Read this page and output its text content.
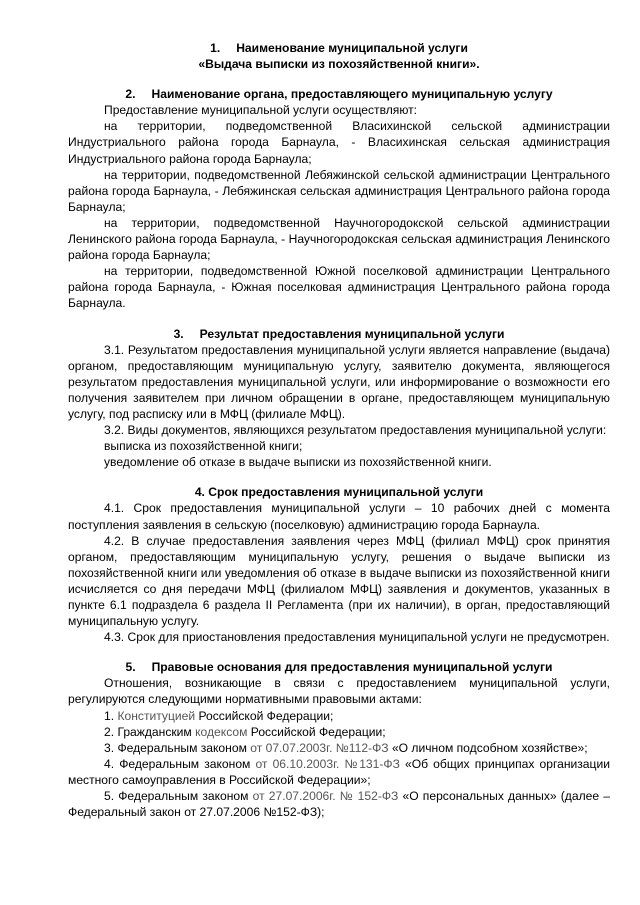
1. Наименование муниципальной услуги
«Выдача выписки из похозяйственной книги».
2. Наименование органа, предоставляющего муниципальную услугу
Предоставление муниципальной услуги осуществляют:
на территории, подведомственной Власихинской сельской администрации Индустриального района города Барнаула, - Власихинская сельская администрация Индустриального района города Барнаула;
на территории, подведомственной Лебяжинской сельской администрации Центрального района города Барнаула, - Лебяжинская сельская администрация Центрального района города Барнаула;
на территории, подведомственной Научногородокской сельской администрации Ленинского района города Барнаула, - Научногородокская сельская администрация Ленинского района города Барнаула;
на территории, подведомственной Южной поселковой администрации Центрального района города Барнаула, - Южная поселковая администрация Центрального района города Барнаула.
3. Результат предоставления муниципальной услуги
3.1. Результатом предоставления муниципальной услуги является направление (выдача) органом, предоставляющим муниципальную услугу, заявителю документа, являющегося результатом предоставления муниципальной услуги, или информирование о возможности его получения заявителем при личном обращении в органе, предоставляющем муниципальную услугу, под расписку или в МФЦ (филиале МФЦ).
3.2. Виды документов, являющихся результатом предоставления муниципальной услуги:
выписка из похозяйственной книги;
уведомление об отказе в выдаче выписки из похозяйственной книги.
4. Срок предоставления муниципальной услуги
4.1. Срок предоставления муниципальной услуги – 10 рабочих дней с момента поступления заявления в сельскую (поселковую) администрацию города Барнаула.
4.2. В случае предоставления заявления через МФЦ (филиал МФЦ) срок принятия органом, предоставляющим муниципальную услугу, решения о выдаче выписки из похозяйственной книги или уведомления об отказе в выдаче выписки из похозяйственной книги исчисляется со дня передачи МФЦ (филиалом МФЦ) заявления и документов, указанных в пункте 6.1 подраздела 6 раздела II Регламента (при их наличии), в орган, предоставляющий муниципальную услугу.
4.3. Срок для приостановления предоставления муниципальной услуги не предусмотрен.
5. Правовые основания для предоставления муниципальной услуги
Отношения, возникающие в связи с предоставлением муниципальной услуги, регулируются следующими нормативными правовыми актами:
1. Конституцией Российской Федерации;
2. Гражданским кодексом Российской Федерации;
3. Федеральным законом от 07.07.2003г. №112-ФЗ «О личном подсобном хозяйстве»;
4. Федеральным законом от 06.10.2003г. №131-ФЗ «Об общих принципах организации местного самоуправления в Российской Федерации»;
5. Федеральным законом от 27.07.2006г. № 152-ФЗ «О персональных данных» (далее – Федеральный закон от 27.07.2006 №152-ФЗ);
